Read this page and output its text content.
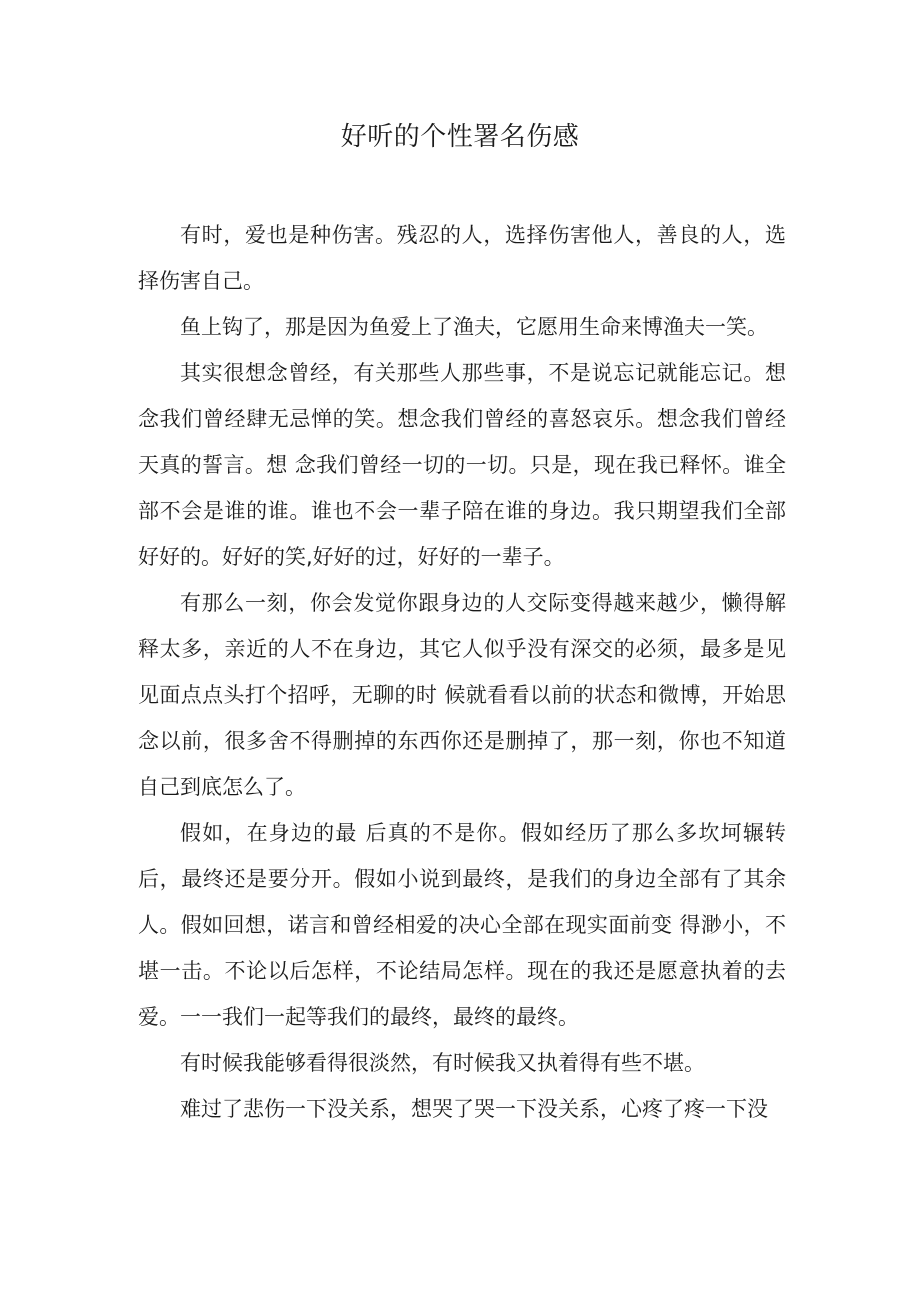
好听的个性署名伤感

有时，爱也是种伤害。残忍的人，选择伤害他人，善良的人，选择伤害自己。

鱼上钩了，那是因为鱼爱上了渔夫，它愿用生命来博渔夫一笑。

其实很想念曾经，有关那些人那些事，不是说忘记就能忘记。想念我们曾经肆无忌惮的笑。想念我们曾经的喜怒哀乐。想念我们曾经天真的誓言。想 念我们曾经一切的一切。只是，现在我已释怀。谁全部不会是谁的谁。谁也不会一辈子陪在谁的身边。我只期望我们全部好好的。好好的笑,好好的过，好好的一辈子。

有那么一刻，你会发觉你跟身边的人交际变得越来越少，懒得解释太多，亲近的人不在身边，其它人似乎没有深交的必须，最多是见见面点点头打个招呼，无聊的时 候就看看以前的状态和微博，开始思念以前，很多舍不得删掉的东西你还是删掉了，那一刻，你也不知道自己到底怎么了。

假如，在身边的最 后真的不是你。假如经历了那么多坎坷辗转后，最终还是要分开。假如小说到最终，是我们的身边全部有了其余人。假如回想，诺言和曾经相爱的决心全部在现实面前变 得渺小，不堪一击。不论以后怎样，不论结局怎样。现在的我还是愿意执着的去爱。一一我们一起等我们的最终，最终的最终。

有时候我能够看得很淡然，有时候我又执着得有些不堪。

难过了悲伤一下没关系，想哭了哭一下没关系，心疼了疼一下没
